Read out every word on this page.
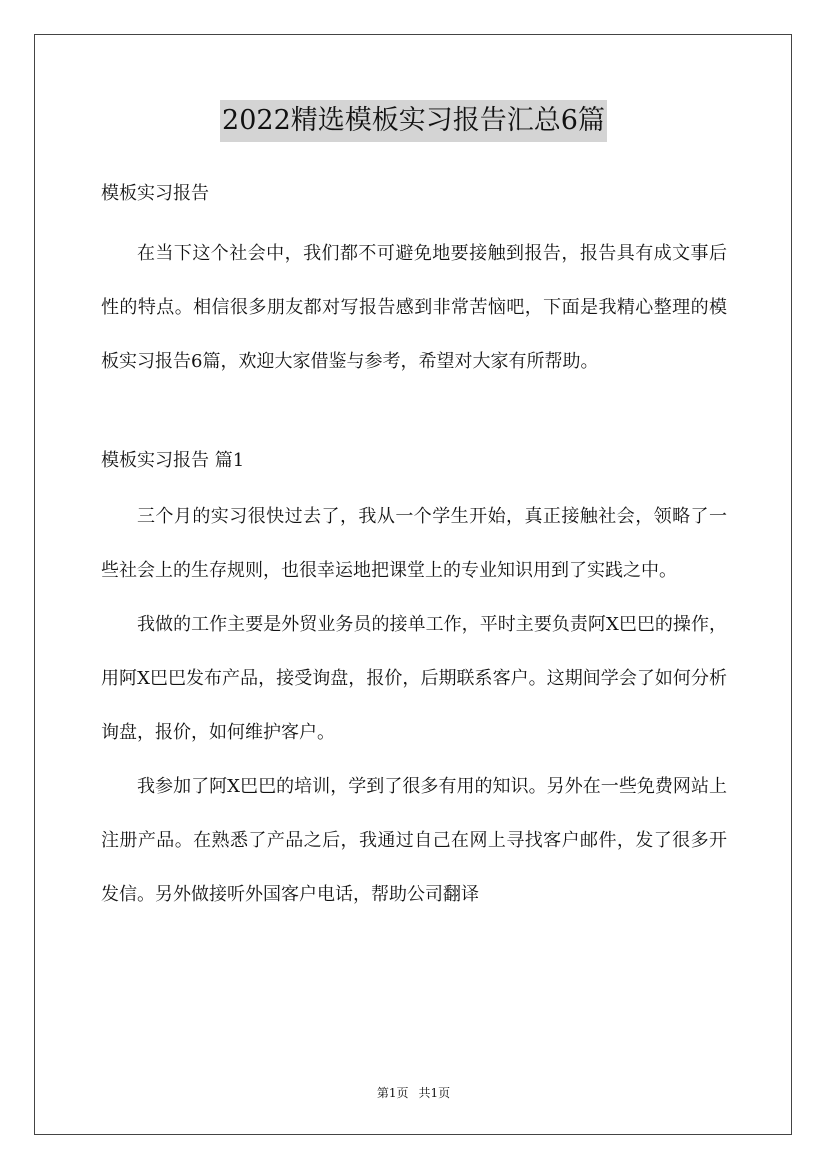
2022精选模板实习报告汇总6篇

模板实习报告

在当下这个社会中，我们都不可避免地要接触到报告，报告具有成文事后性的特点。相信很多朋友都对写报告感到非常苦恼吧，下面是我精心整理的模板实习报告6篇，欢迎大家借鉴与参考，希望对大家有所帮助。

模板实习报告 篇1

三个月的实习很快过去了，我从一个学生开始，真正接触社会，领略了一些社会上的生存规则，也很幸运地把课堂上的专业知识用到了实践之中。

我做的工作主要是外贸业务员的接单工作，平时主要负责阿X巴巴的操作，用阿X巴巴发布产品，接受询盘，报价，后期联系客户。这期间学会了如何分析询盘，报价，如何维护客户。

我参加了阿X巴巴的培训，学到了很多有用的知识。另外在一些免费网站上注册产品。在熟悉了产品之后，我通过自己在网上寻找客户邮件，发了很多开发信。另外做接听外国客户电话，帮助公司翻译

第1页 共1页
